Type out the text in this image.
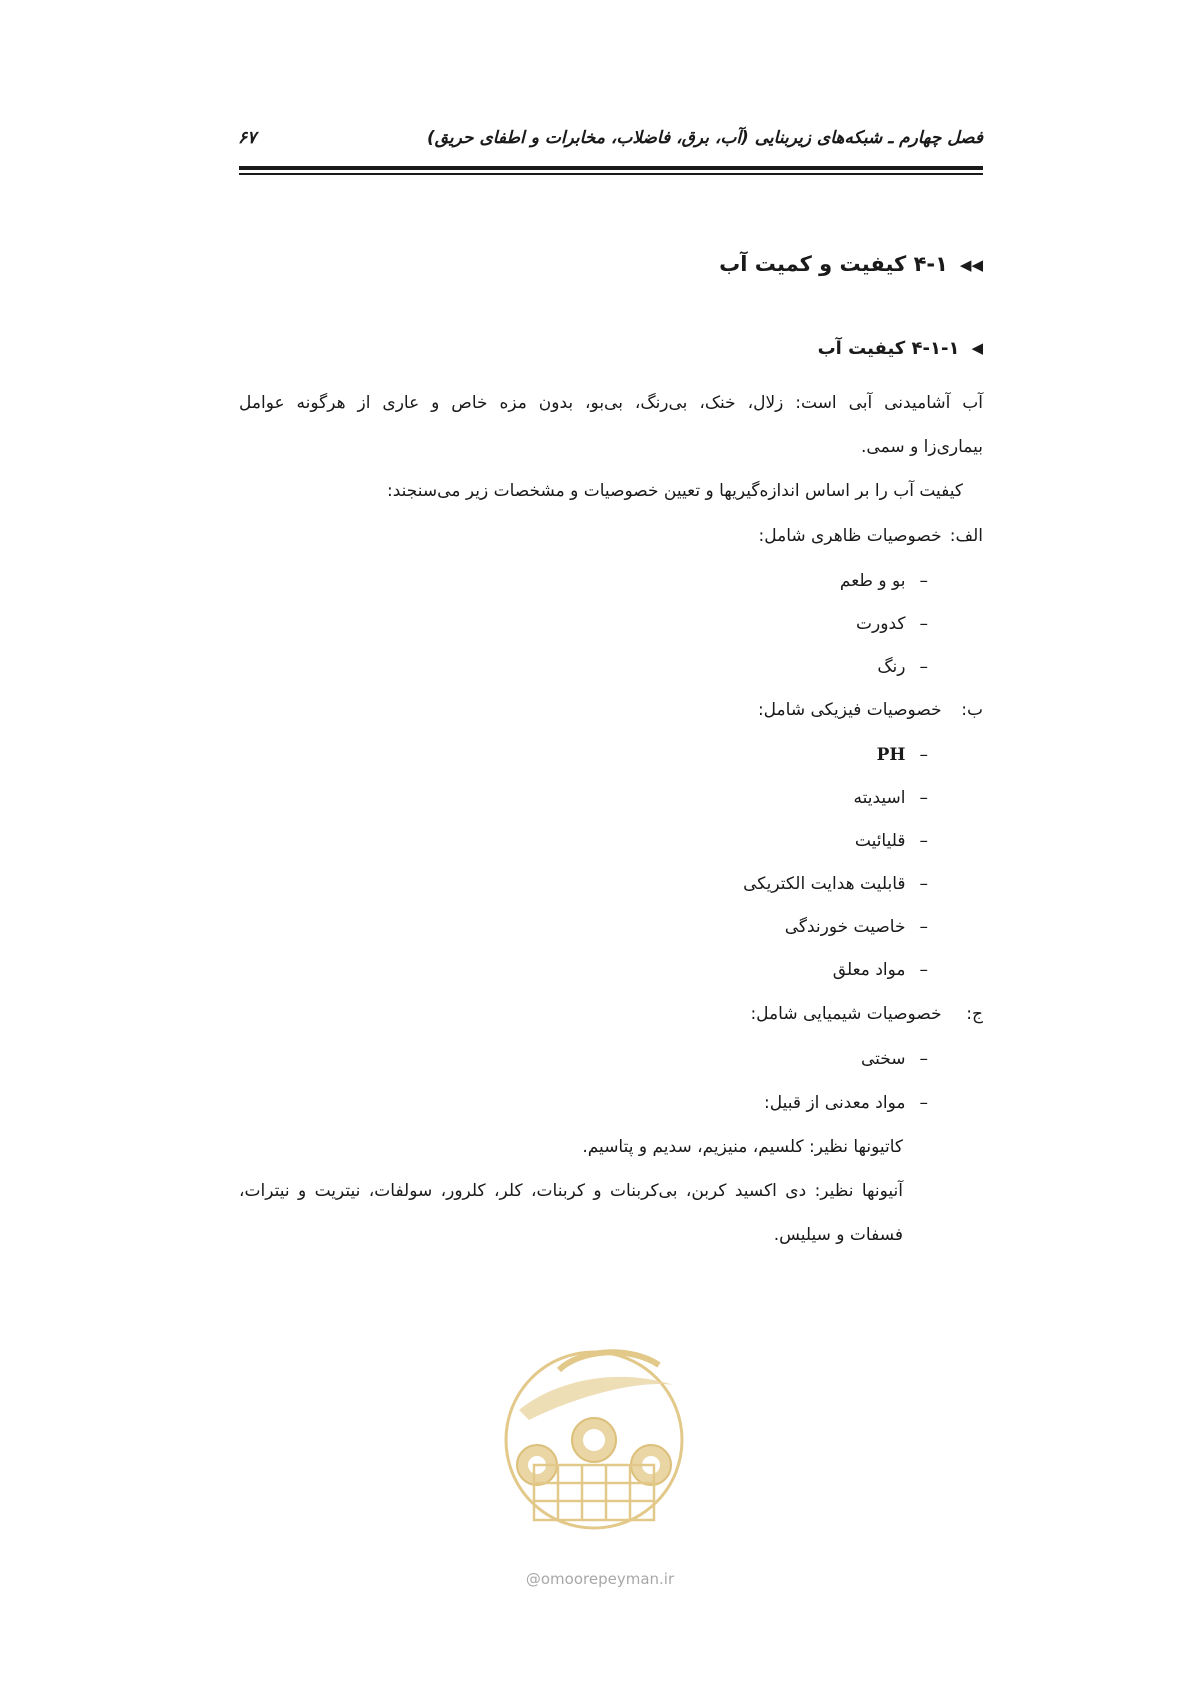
فصل چهارم ـ شبکه‌های زیربنایی (آب، برق، فاضلاب، مخابرات و اطفای حریق)
۶۷
◀◀۴-۱ کیفیت و کمیت آب
◀۴-۱-۱ کیفیت آب
آب آشامیدنی آبی است: زلال، خنک، بی‌رنگ، بی‌بو، بدون مزه خاص و عاری از هرگونه عوامل
بیماری‌زا و سمی.
کیفیت آب را بر اساس اندازه‌گیریها و تعیین خصوصیات و مشخصات زیر می‌سنجند:
الف: خصوصیات ظاهری شامل:
–بو و طعم
–کدورت
–رنگ
ب: خصوصیات فیزیکی شامل:
–PH
–اسیدیته
–قلیائیت
–قابلیت هدایت الکتریکی
–خاصیت خورندگی
–مواد معلق
ج: خصوصیات شیمیایی شامل:
–سختی
–مواد معدنی از قبیل:
کاتیونها نظیر: کلسیم، منیزیم، سدیم و پتاسیم.
آنیونها نظیر: دی اکسید کربن، بی‌کربنات و کربنات، کلر، کلرور، سولفات، نیتریت و نیترات،
فسفات و سیلیس.
@omoorepeyman.ir
